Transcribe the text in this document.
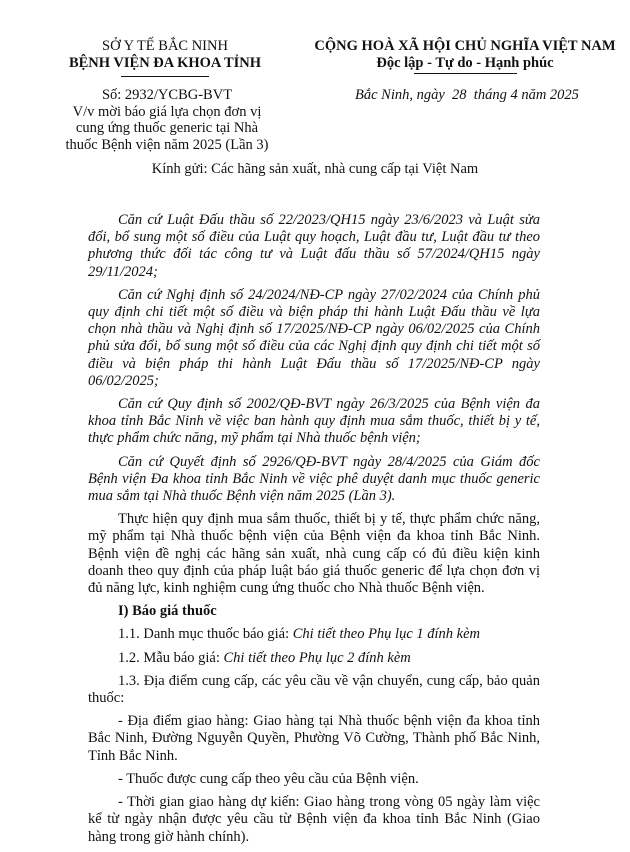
SỞ Y TẾ BẮC NINH
BỆNH VIỆN ĐA KHOA TỈNH
CỘNG HOÀ XÃ HỘI CHỦ NGHĨA VIỆT NAM
Độc lập - Tự do - Hạnh phúc
Số: 2932/YCBG-BVT
V/v mời báo giá lựa chọn đơn vị cung ứng thuốc generic tại Nhà thuốc Bệnh viện năm 2025 (Lần 3)
Bắc Ninh, ngày  28  tháng 4 năm 2025
Kính gửi: Các hãng sản xuất, nhà cung cấp tại Việt Nam

Căn cứ Luật Đấu thầu số 22/2023/QH15 ngày 23/6/2023 và Luật sửa đổi, bổ sung một số điều của Luật quy hoạch, Luật đầu tư, Luật đầu tư theo phương thức đối tác công tư và Luật đấu thầu số 57/2024/QH15 ngày 29/11/2024;

Căn cứ Nghị định số 24/2024/NĐ-CP ngày 27/02/2024 của Chính phủ quy định chi tiết một số điều và biện pháp thi hành Luật Đấu thầu về lựa chọn nhà thầu và Nghị định số 17/2025/NĐ-CP ngày 06/02/2025 của Chính phủ sửa đổi, bổ sung một số điều của các Nghị định quy định chi tiết một số điều và biện pháp thi hành Luật Đấu thầu số 17/2025/NĐ-CP ngày 06/02/2025;

Căn cứ Quy định số 2002/QĐ-BVT ngày 26/3/2025 của Bệnh viện đa khoa tỉnh Bắc Ninh về việc ban hành quy định mua sắm thuốc, thiết bị y tế, thực phẩm chức năng, mỹ phẩm tại Nhà thuốc bệnh viện;

Căn cứ Quyết định số 2926/QĐ-BVT ngày 28/4/2025 của Giám đốc Bệnh viện Đa khoa tỉnh Bắc Ninh về việc phê duyệt danh mục thuốc generic mua sắm tại Nhà thuốc Bệnh viện năm 2025 (Lần 3).

Thực hiện quy định mua sắm thuốc, thiết bị y tế, thực phẩm chức năng, mỹ phẩm tại Nhà thuốc bệnh viện của Bệnh viện đa khoa tỉnh Bắc Ninh. Bệnh viện đề nghị các hãng sản xuất, nhà cung cấp có đủ điều kiện kinh doanh theo quy định của pháp luật báo giá thuốc generic để lựa chọn đơn vị đủ năng lực, kinh nghiệm cung ứng thuốc cho Nhà thuốc Bệnh viện.

I) Báo giá thuốc

1.1. Danh mục thuốc báo giá: Chi tiết theo Phụ lục 1 đính kèm

1.2. Mẫu báo giá: Chi tiết theo Phụ lục 2 đính kèm

1.3. Địa điểm cung cấp, các yêu cầu về vận chuyển, cung cấp, bảo quản thuốc:

- Địa điểm giao hàng: Giao hàng tại Nhà thuốc bệnh viện đa khoa tỉnh Bắc Ninh, Đường Nguyễn Quyền, Phường Võ Cường, Thành phố Bắc Ninh, Tỉnh Bắc Ninh.

- Thuốc được cung cấp theo yêu cầu của Bệnh viện.

- Thời gian giao hàng dự kiến: Giao hàng trong vòng 05 ngày làm việc kể từ ngày nhận được yêu cầu từ Bệnh viện đa khoa tỉnh Bắc Ninh (Giao hàng trong giờ hành chính).
